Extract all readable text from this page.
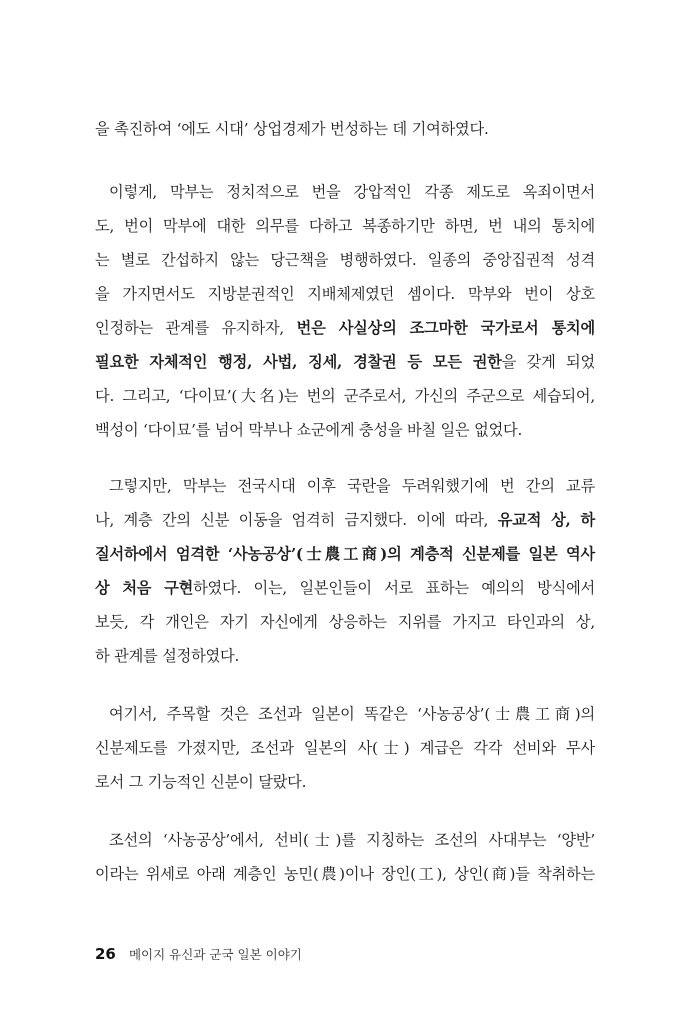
을 촉진하여 ‘에도 시대’ 상업경제가 번성하는 데 기여하였다.
이렇게, 막부는 정치적으로 번을 강압적인 각종 제도로 옥죄이면서
도, 번이 막부에 대한 의무를 다하고 복종하기만 하면, 번 내의 통치에
는 별로 간섭하지 않는 당근책을 병행하였다. 일종의 중앙집권적 성격
을 가지면서도 지방분권적인 지배체제였던 셈이다. 막부와 번이 상호
인정하는 관계를 유지하자, 번은 사실상의 조그마한 국가로서 통치에
필요한 자체적인 행정, 사법, 징세, 경찰권 등 모든 권한을 갖게 되었
다. 그리고, ‘다이묘’(大名)는 번의 군주로서, 가신의 주군으로 세습되어,
백성이 ‘다이묘’를 넘어 막부나 쇼군에게 충성을 바칠 일은 없었다.
그렇지만, 막부는 전국시대 이후 국란을 두려워했기에 번 간의 교류
나, 계층 간의 신분 이동을 엄격히 금지했다. 이에 따라, 유교적 상, 하
질서하에서 엄격한 ‘사농공상’(士農工商)의 계층적 신분제를 일본 역사
상 처음 구현하였다. 이는, 일본인들이 서로 표하는 예의의 방식에서
보듯, 각 개인은 자기 자신에게 상응하는 지위를 가지고 타인과의 상,
하 관계를 설정하였다.
여기서, 주목할 것은 조선과 일본이 똑같은 ‘사농공상’(士農工商)의
신분제도를 가졌지만, 조선과 일본의 사(士) 계급은 각각 선비와 무사
로서 그 기능적인 신분이 달랐다.
조선의 ‘사농공상’에서, 선비(士)를 지칭하는 조선의 사대부는 ‘양반’
이라는 위세로 아래 계층인 농민(農)이나 장인(工), 상인(商)들 착취하는
26 메이지 유신과 군국 일본 이야기
